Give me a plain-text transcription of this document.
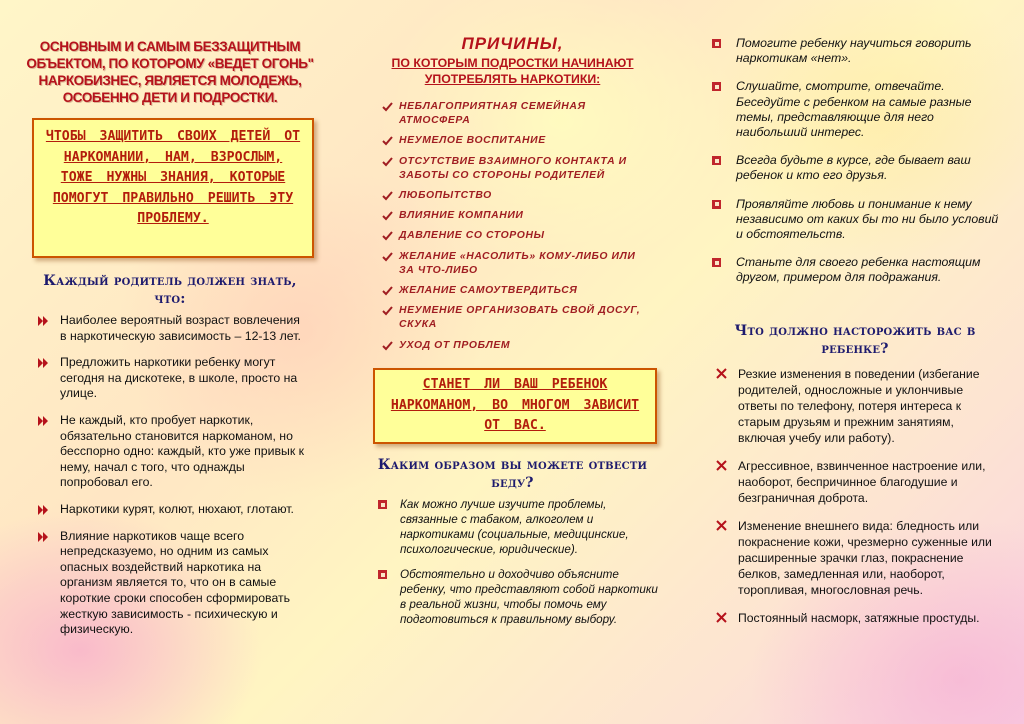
ОСНОВНЫМ И САМЫМ БЕЗЗАЩИТНЫМ ОБЪЕКТОМ, ПО КОТОРОМУ «ВЕДЕТ ОГОНЬ" НАРКОБИЗНЕС, ЯВЛЯЕТСЯ МОЛОДЕЖЬ, ОСОБЕННО ДЕТИ И ПОДРОСТКИ.

ЧТОБЫ ЗАЩИТИТЬ СВОИХ ДЕТЕЙ ОТ НАРКОМАНИИ, НАМ, ВЗРОСЛЫМ, ТОЖЕ НУЖНЫ ЗНАНИЯ, КОТОРЫЕ ПОМОГУТ ПРАВИЛЬНО РЕШИТЬ ЭТУ ПРОБЛЕМУ.

Каждый родитель должен знать, что:
Наиболее вероятный возраст вовлечения в наркотическую зависимость – 12-13 лет.
Предложить наркотики ребенку могут сегодня на дискотеке, в школе, просто на улице.
Не каждый, кто пробует наркотик, обязательно становится наркоманом, но бесспорно одно: каждый, кто уже привык к нему, начал с того, что однажды попробовал его.
Наркотики курят, колют, нюхают, глотают.
Влияние наркотиков чаще всего непредсказуемо, но одним из самых опасных воздействий наркотика на организм является то, что он в самые короткие сроки способен сформировать жесткую зависимость - психическую и физическую.
ПРИЧИНЫ,
ПО КОТОРЫМ ПОДРОСТКИ НАЧИНАЮТ УПОТРЕБЛЯТЬ НАРКОТИКИ:
НЕБЛАГОПРИЯТНАЯ СЕМЕЙНАЯ АТМОСФЕРА
НЕУМЕЛОЕ ВОСПИТАНИЕ
ОТСУТСТВИЕ ВЗАИМНОГО КОНТАКТА И ЗАБОТЫ СО СТОРОНЫ РОДИТЕЛЕЙ
ЛЮБОПЫТСТВО
ВЛИЯНИЕ КОМПАНИИ
ДАВЛЕНИЕ СО СТОРОНЫ
ЖЕЛАНИЕ «НАСОЛИТЬ» КОМУ-ЛИБО ИЛИ ЗА ЧТО-ЛИБО
ЖЕЛАНИЕ САМОУТВЕРДИТЬСЯ
НЕУМЕНИЕ ОРГАНИЗОВАТЬ СВОЙ ДОСУГ, СКУКА
УХОД ОТ ПРОБЛЕМ

СТАНЕТ ЛИ ВАШ РЕБЕНОК НАРКОМАНОМ, ВО МНОГОМ ЗАВИСИТ ОТ ВАС.

Каким образом вы можете отвести беду?
Как можно лучше изучите проблемы, связанные с табаком, алкоголем и наркотиками (социальные, медицинские, психологические, юридические).
Обстоятельно и доходчиво объясните ребенку, что представляют собой наркотики в реальной жизни, чтобы помочь ему подготовиться к правильному выбору.
Помогите ребенку научиться говорить наркотикам «нет».
Слушайте, смотрите, отвечайте. Беседуйте с ребенком на самые разные темы, представляющие для него наибольший интерес.
Всегда будьте в курсе, где бывает ваш ребенок и кто его друзья.
Проявляйте любовь и понимание к нему независимо от каких бы то ни было условий и обстоятельств.
Станьте для своего ребенка настоящим другом, примером для подражания.
Что должно насторожить вас в ребенке?
Резкие изменения в поведении (избегание родителей, односложные и уклончивые ответы по телефону, потеря интереса к старым друзьям и прежним занятиям, включая учебу или работу).
Агрессивное, взвинченное настроение или, наоборот, беспричинное благодушие и безграничная доброта.
Изменение внешнего вида: бледность или покраснение кожи, чрезмерно суженные или расширенные зрачки глаз, покраснение белков, замедленная или, наоборот, торопливая, многословная речь.
Постоянный насморк, затяжные простуды.
